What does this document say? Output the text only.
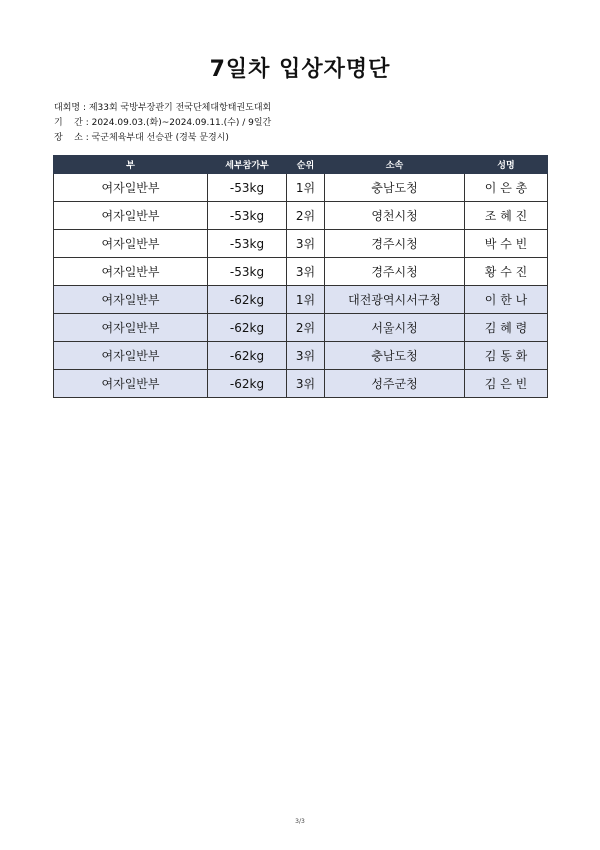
7일차 입상자명단
대회명 : 제33회 국방부장관기 전국단체대항태권도대회
기    간 : 2024.09.03.(화)~2024.09.11.(수) / 9일간
장    소 : 국군체육부대 선승관 (경북 문경시)
부	세부참가부	순위	소속	성명
여자일반부	-53kg	1위	충남도청	이 은 총
여자일반부	-53kg	2위	영천시청	조 혜 진
여자일반부	-53kg	3위	경주시청	박 수 빈
여자일반부	-53kg	3위	경주시청	황 수 진
여자일반부	-62kg	1위	대전광역시서구청	이 한 나
여자일반부	-62kg	2위	서울시청	김 혜 령
여자일반부	-62kg	3위	충남도청	김 동 화
여자일반부	-62kg	3위	성주군청	김 은 빈
3/3
